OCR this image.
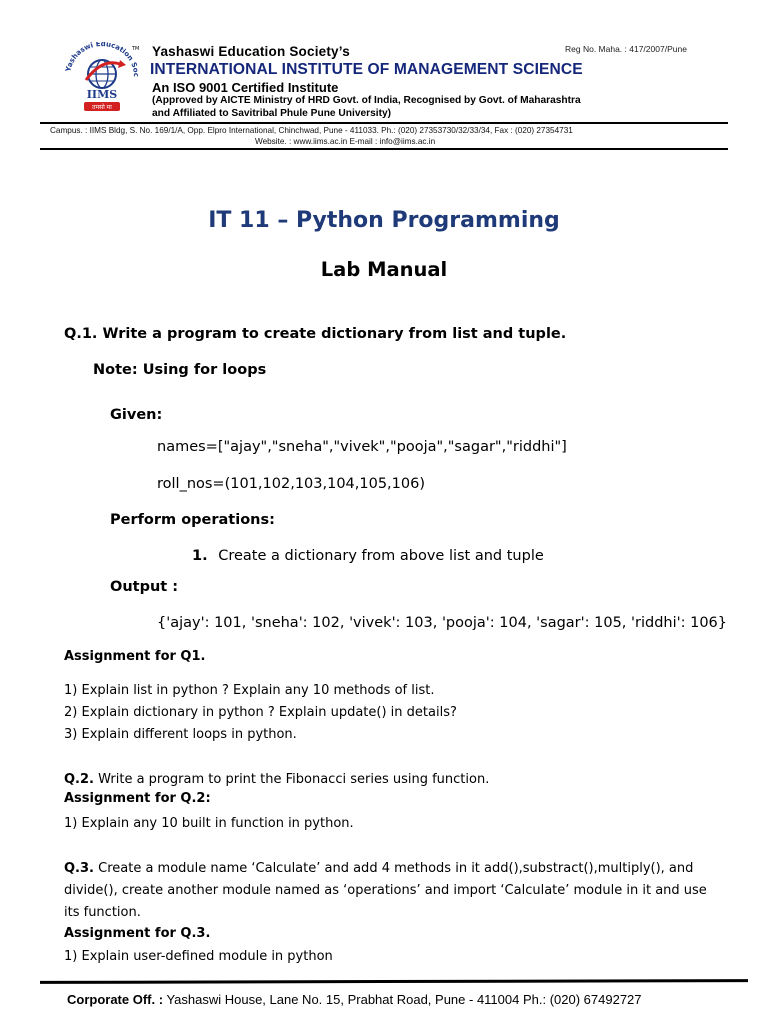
Yashaswi Education Soc
TM
IIMS
तमसो मा
Yashaswi Education Society’s	Reg No. Maha. : 417/2007/Pune
INTERNATIONAL INSTITUTE OF MANAGEMENT SCIENCE
An ISO 9001 Certified Institute
(Approved by AICTE Ministry of HRD Govt. of India, Recognised by Govt. of Maharashtra
and Affiliated to Savitribal Phule Pune University)
Campus. : IIMS Bldg, S. No. 169/1/A, Opp. Elpro International, Chinchwad, Pune - 411033. Ph.: (020) 27353730/32/33/34, Fax : (020) 27354731
Website. : www.iims.ac.in E-mail : info@iims.ac.in
IT 11 – Python Programming
Lab Manual
Q.1. Write a program to create dictionary from list and tuple.
Note: Using for loops
Given:
names=["ajay","sneha","vivek","pooja","sagar","riddhi"]
roll_nos=(101,102,103,104,105,106)
Perform operations:
1. Create a dictionary from above list and tuple
Output :
{'ajay': 101, 'sneha': 102, 'vivek': 103, 'pooja': 104, 'sagar': 105, 'riddhi': 106}
Assignment for Q1.
1) Explain list in python ? Explain any 10 methods of list.
2) Explain dictionary in python ? Explain update() in details?
3) Explain different loops in python.
Q.2. Write a program to print the Fibonacci series using function.
Assignment for Q.2:
1) Explain any 10 built in function in python.
Q.3. Create a module name ‘Calculate’ and add 4 methods in it add(),substract(),multiply(), and
divide(), create another module named as ‘operations’ and import ‘Calculate’ module in it and use
its function.
Assignment for Q.3.
1) Explain user-defined module in python
Corporate Off. : Yashaswi House, Lane No. 15, Prabhat Road, Pune - 411004 Ph.: (020) 67492727
